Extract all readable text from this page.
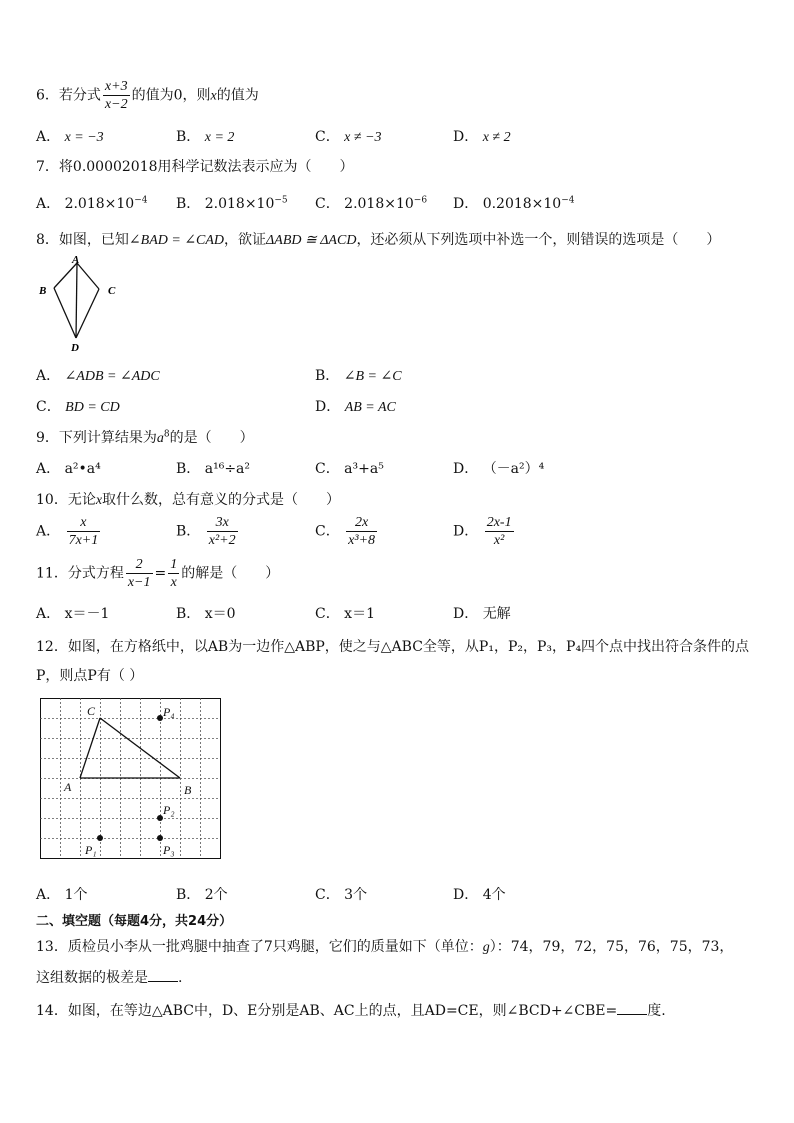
6．若分式 $\frac{x+3}{x-2}$ 的值为0，则x的值为
A． x = −3	B． x = 2	C． x ≠ −3	D． x ≠ 2
7．将0.00002018用科学记数法表示应为（　　）
A． $2.018\times 10^{-4}$ B． $2.018\times 10^{-5}$ C． $2.018\times 10^{-6}$ D． $0.2018\times 10^{-4}$
8．如图，已知∠BAD = ∠CAD，欲证ΔABD ≅ ΔACD，还必须从下列选项中补选一个，则错误的选项是（　　）
A
B	C
D
A． ∠ADB = ∠ADC	B． ∠B = ∠C
C． BD = CD	D． AB = AC
9．下列计算结果为$a^8$的是（　　）
A． a²•a⁴	B． a¹⁶÷a²	C． a³+a⁵	D． （－a²）⁴
10．无论x取什么数，总有意义的分式是（　　）
A． $\frac{x}{7x+1}$	B． $\frac{3x}{\text{x²+2}}$	C． $\frac{2x}{\text{x³+8}}$	D． $\frac{2x-1}{\text{x²}}$
11．分式方程 $\frac{2}{x-1} = \frac{1}{x}$ 的解是（　　）
A． x＝－1	B． x＝0	C． x＝1	D． 无解
12．如图，在方格纸中，以AB为一边作△ABP，使之与△ABC全等，从P₁，P₂，P₃，P₄四个点中找出符合条件的点
P，则点P有（ ）
C
A	B
P₄
P₂
P₁	P₃
A． 1个	B． 2个	C． 3个	D． 4个
二、填空题（每题4分，共24分）
13．质检员小李从一批鸡腿中抽查了7只鸡腿，它们的质量如下（单位：g）：74，79，72，75，76，75，73，
这组数据的极差是 .
14．如图，在等边△ABC中，D、E分别是AB、AC上的点，且AD=CE，则∠BCD+∠CBE= 度.
